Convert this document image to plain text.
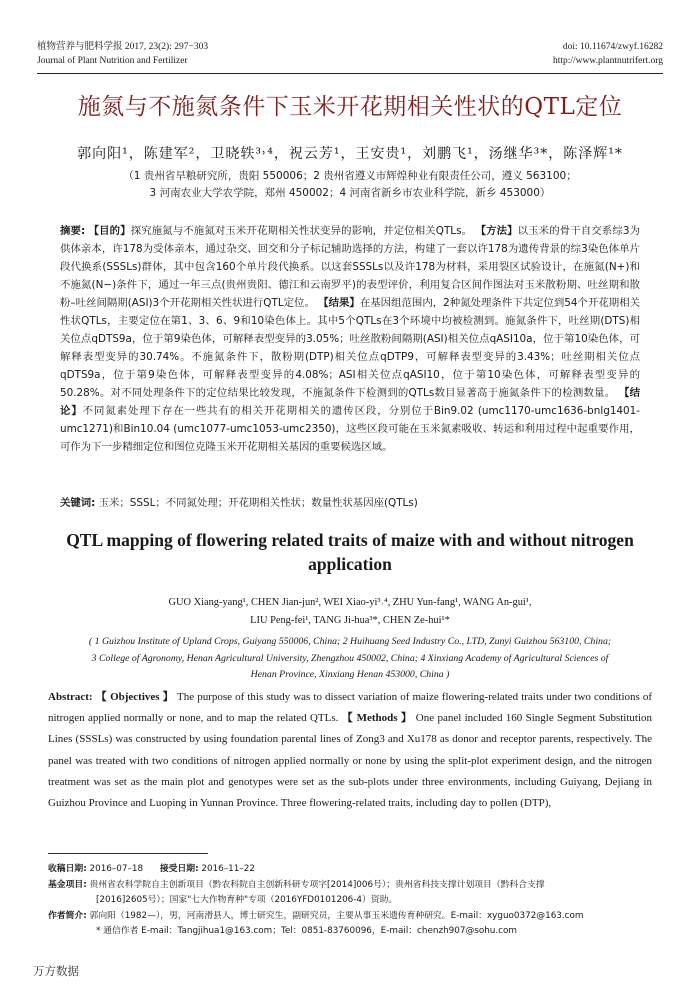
植物营养与肥料学报 2017, 23(2): 297−303
Journal of Plant Nutrition and Fertilizer
doi: 10.11674/zwyf.16282
http://www.plantnutrifert.org
施氮与不施氮条件下玉米开花期相关性状的QTL定位
郭向阳¹，陈建军²，卫晓轶³˒⁴，祝云芳¹，王安贵¹，刘鹏飞¹，汤继华³*，陈泽辉¹*
（1 贵州省旱粮研究所，贵阳 550006；2 贵州省遵义市辉煌种业有限责任公司，遵义 563100；
3 河南农业大学农学院，郑州 450002；4 河南省新乡市农业科学院，新乡 453000）
摘要: 【目的】探究施氮与不施氮对玉米开花期相关性状变异的影响，并定位相关QTLs。 【方法】以玉米的骨干自交系综3为供体亲本，许178为受体亲本，通过杂交、回交和分子标记辅助选择的方法，构建了一套以许178为遗传背景的综3染色体单片段代换系(SSSLs)群体，其中包含160个单片段代换系。以这套SSSLs以及许178为材料，采用裂区试验设计，在施氮(N+)和不施氮(N−)条件下，通过一年三点(贵州贵阳、德江和云南罗平)的表型评价，利用复合区间作图法对玉米散粉期、吐丝期和散粉–吐丝间隔期(ASI)3个开花期相关性状进行QTL定位。 【结果】在基因组范围内，2种氮处理条件下共定位到54个开花期相关性状QTLs，主要定位在第1、3、6、9和10染色体上。其中5个QTLs在3个环境中均被检测到。施氮条件下，吐丝期(DTS)相关位点qDTS9a，位于第9染色体，可解释表型变异的3.05%；吐丝散粉间隔期(ASI)相关位点qASI10a，位于第10染色体，可解释表型变异的30.74%。不施氮条件下，散粉期(DTP)相关位点qDTP9，可解释表型变异的3.43%；吐丝期相关位点qDTS9a，位于第9染色体，可解释表型变异的4.08%；ASI相关位点qASI10，位于第10染色体，可解释表型变异的50.28%。对不同处理条件下的定位结果比较发现，不施氮条件下检测到的QTLs数目显著高于施氮条件下的检测数量。 【结论】不同氮素处理下存在一些共有的相关开花期相关的遗传区段，分别位于Bin9.02 (umc1170-umc1636-bnlg1401-umc1271)和Bin10.04 (umc1077-umc1053-umc2350)，这些区段可能在玉米氮素吸收、转运和利用过程中起重要作用，可作为下一步精细定位和图位克隆玉米开花期相关基因的重要候选区域。
关键词: 玉米；SSSL；不同氮处理；开花期相关性状；数量性状基因座(QTLs)
QTL mapping of flowering related traits of maize with and without nitrogen application
GUO Xiang-yang¹, CHEN Jian-jun², WEI Xiao-yi³˒⁴, ZHU Yun-fang¹, WANG An-gui¹,
LIU Peng-fei¹, TANG Ji-hua³*, CHEN Ze-hui¹*
( 1 Guizhou Institute of Upland Crops, Guiyang 550006, China; 2 Huihuang Seed Industry Co., LTD, Zunyi Guizhou 563100, China;
3 College of Agronomy, Henan Agricultural University, Zhengzhou 450002, China; 4 Xinxiang Academy of Agricultural Sciences of
Henan Province, Xinxiang Henan 453000, China )
Abstract: 【 Objectives 】 The purpose of this study was to dissect variation of maize flowering-related traits under two conditions of nitrogen applied normally or none, and to map the related QTLs. 【 Methods 】 One panel included 160 Single Segment Substitution Lines (SSSLs) was constructed by using foundation parental lines of Zong3 and Xu178 as donor and receptor parents, respectively. The panel was treated with two conditions of nitrogen applied normally or none by using the split-plot experiment design, and the nitrogen treatment was set as the main plot and genotypes were set as the sub-plots under three environments, including Guiyang, Dejiang in Guizhou Province and Luoping in Yunnan Province. Three flowering-related traits, including day to pollen (DTP),
收稿日期: 2016–07–18 接受日期: 2016–11–22
基金项目: 贵州省农科学院自主创新项目（黔农科院自主创新科研专项字[2014]006号）；贵州省科技支撑计划项目（黔科合支撑
[2016]2605号）；国家"七大作物育种"专项（2016YFD0101206-4）资助。
作者简介: 郭向阳（1982—），男，河南滑县人，博士研究生，副研究员，主要从事玉米遗传育种研究。E-mail：xyguo0372@163.com
* 通信作者 E-mail：Tangjihua1@163.com；Tel：0851-83760096，E-mail：chenzh907@sohu.com
万方数据
